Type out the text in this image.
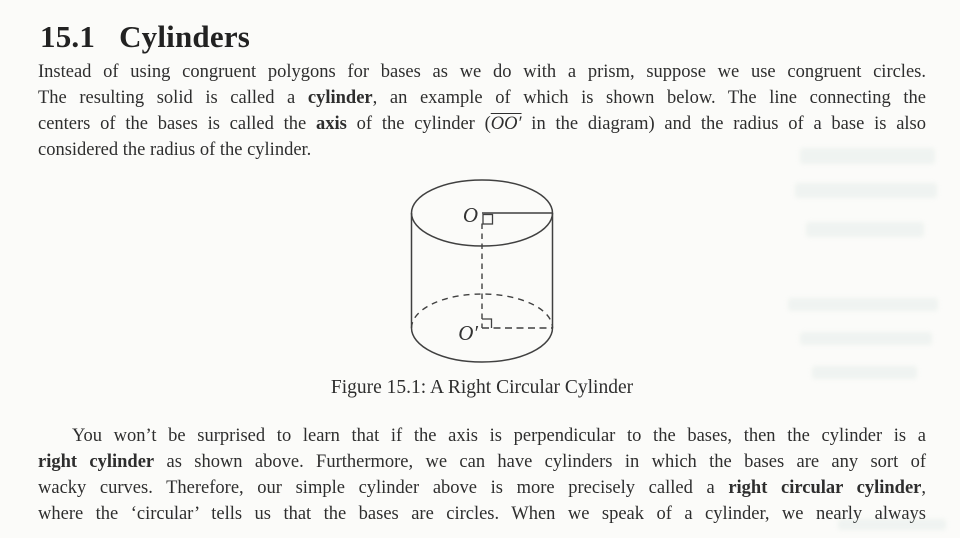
15.1 Cylinders

Instead of using congruent polygons for bases as we do with a prism, suppose we use congruent circles.
The resulting solid is called a cylinder, an example of which is shown below. The line connecting the
centers of the bases is called the axis of the cylinder (OO′ in the diagram) and the radius of a base is also

considered the radius of the cylinder.

O
O′

Figure 15.1: A Right Circular Cylinder

You won’t be surprised to learn that if the axis is perpendicular to the bases, then the cylinder is a
right cylinder as shown above. Furthermore, we can have cylinders in which the bases are any sort of
wacky curves. Therefore, our simple cylinder above is more precisely called a right circular cylinder,
where the ‘circular’ tells us that the bases are circles. When we speak of a cylinder, we nearly always
